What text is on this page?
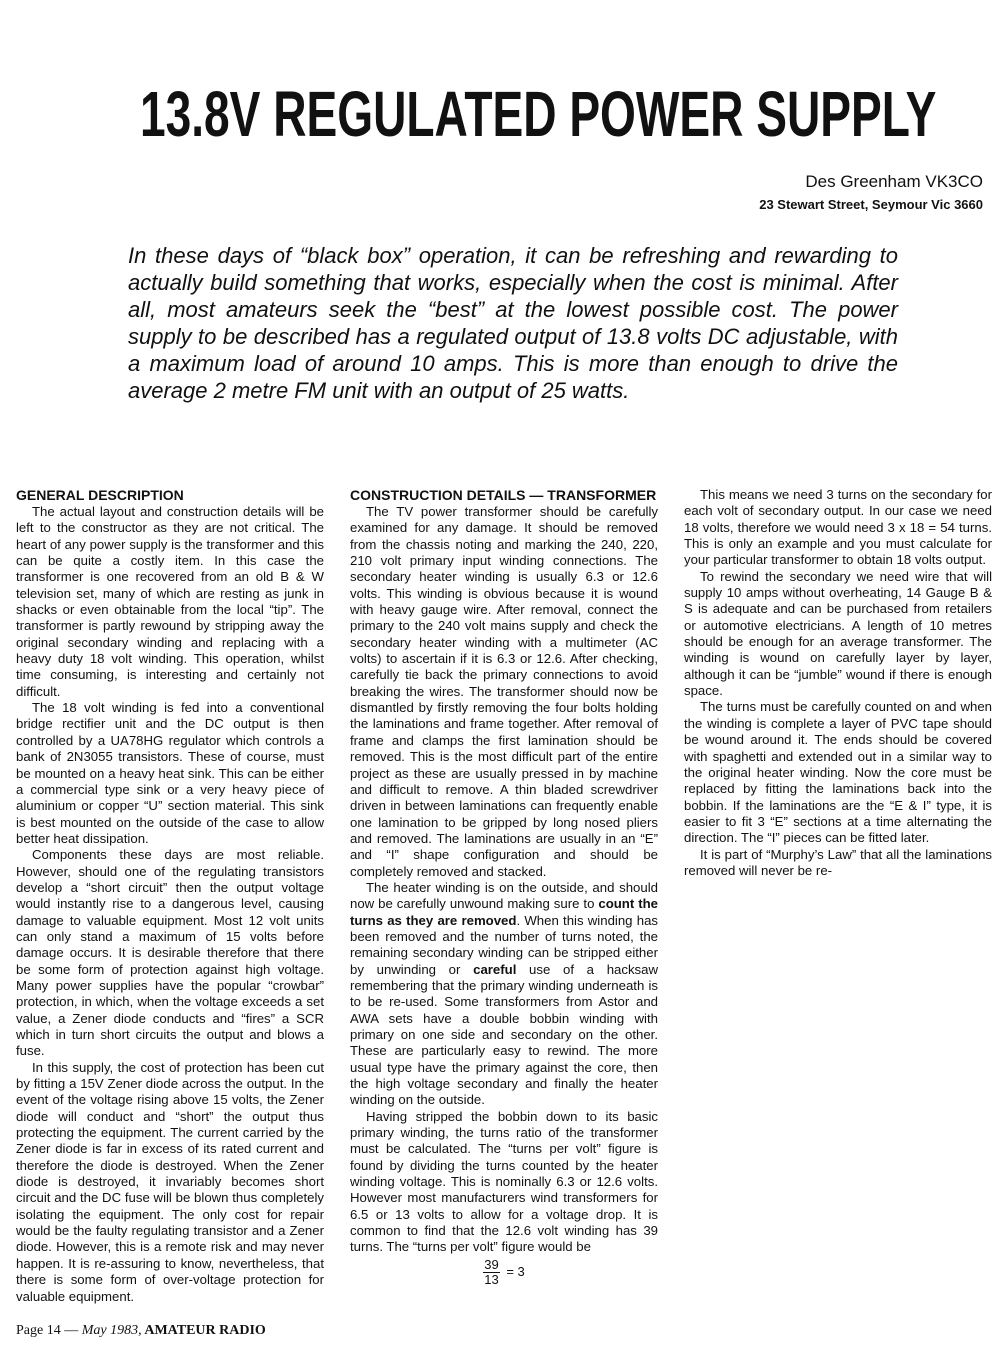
13.8V REGULATED POWER SUPPLY

Des Greenham VK3CO

23 Stewart Street, Seymour Vic 3660

In these days of “black box” operation, it can be refreshing and rewarding to actually build something that works, especially when the cost is minimal. After all, most amateurs seek the “best” at the lowest possible cost. The power supply to be described has a regulated output of 13.8 volts DC adjustable, with a maximum load of around 10 amps. This is more than enough to drive the average 2 metre FM unit with an output of 25 watts.

GENERAL DESCRIPTION

The actual layout and construction details will be left to the constructor as they are not critical. The heart of any power supply is the transformer and this can be quite a costly item. In this case the transformer is one recovered from an old B & W television set, many of which are resting as junk in shacks or even obtainable from the local “tip”. The transformer is partly rewound by stripping away the original secondary winding and replacing with a heavy duty 18 volt winding. This operation, whilst time consuming, is interesting and certainly not difficult.

The 18 volt winding is fed into a conventional bridge rectifier unit and the DC output is then controlled by a UA78HG regulator which controls a bank of 2N3055 transistors. These of course, must be mounted on a heavy heat sink. This can be either a commercial type sink or a very heavy piece of aluminium or copper “U” section material. This sink is best mounted on the outside of the case to allow better heat dissipation.

Components these days are most reliable. However, should one of the regulating transistors develop a “short circuit” then the output voltage would instantly rise to a dangerous level, causing damage to valuable equipment. Most 12 volt units can only stand a maximum of 15 volts before damage occurs. It is desirable therefore that there be some form of protection against high voltage. Many power supplies have the popular “crowbar” protection, in which, when the voltage exceeds a set value, a Zener diode conducts and “fires” a SCR which in turn short circuits the output and blows a fuse.

In this supply, the cost of protection has been cut by fitting a 15V Zener diode across the output. In the event of the voltage rising above 15 volts, the Zener diode will conduct and “short” the output thus protecting the equipment. The current carried by the Zener diode is far in excess of its rated current and therefore the diode is destroyed. When the Zener diode is destroyed, it invariably becomes short circuit and the DC fuse will be blown thus completely isolating the equipment. The only cost for repair would be the faulty regulating transistor and a Zener diode. However, this is a remote risk and may never happen. It is re-assuring to know, nevertheless, that there is some form of over-voltage protection for valuable equipment.

CONSTRUCTION DETAILS — TRANSFORMER

The TV power transformer should be carefully examined for any damage. It should be removed from the chassis noting and marking the 240, 220, 210 volt primary input winding connections. The secondary heater winding is usually 6.3 or 12.6 volts. This winding is obvious because it is wound with heavy gauge wire. After removal, connect the primary to the 240 volt mains supply and check the secondary heater winding with a multimeter (AC volts) to ascertain if it is 6.3 or 12.6. After checking, carefully tie back the primary connections to avoid breaking the wires. The transformer should now be dismantled by firstly removing the four bolts holding the laminations and frame together. After removal of frame and clamps the first lamination should be removed. This is the most difficult part of the entire project as these are usually pressed in by machine and difficult to remove. A thin bladed screwdriver driven in between laminations can frequently enable one lamination to be gripped by long nosed pliers and removed. The laminations are usually in an “E” and “I” shape configuration and should be completely removed and stacked.

The heater winding is on the outside, and should now be carefully unwound making sure to count the turns as they are removed. When this winding has been removed and the number of turns noted, the remaining secondary winding can be stripped either by unwinding or careful use of a hacksaw remembering that the primary winding underneath is to be re-used. Some transformers from Astor and AWA sets have a double bobbin winding with primary on one side and secondary on the other. These are particularly easy to rewind. The more usual type have the primary against the core, then the high voltage secondary and finally the heater winding on the outside.

Having stripped the bobbin down to its basic primary winding, the turns ratio of the transformer must be calculated. The “turns per volt” figure is found by dividing the turns counted by the heater winding voltage. This is nominally 6.3 or 12.6 volts. However most manufacturers wind transformers for 6.5 or 13 volts to allow for a voltage drop. It is common to find that the 12.6 volt winding has 39 turns. The “turns per volt” figure would be

$\frac{39}{13} = 3$

This means we need 3 turns on the secondary for each volt of secondary output. In our case we need 18 volts, therefore we would need 3 x 18 = 54 turns. This is only an example and you must calculate for your particular transformer to obtain 18 volts output.

To rewind the secondary we need wire that will supply 10 amps without overheating, 14 Gauge B & S is adequate and can be purchased from retailers or automotive electricians. A length of 10 metres should be enough for an average transformer. The winding is wound on carefully layer by layer, although it can be “jumble” wound if there is enough space.

The turns must be carefully counted on and when the winding is complete a layer of PVC tape should be wound around it. The ends should be covered with spaghetti and extended out in a similar way to the original heater winding. Now the core must be replaced by fitting the laminations back into the bobbin. If the laminations are the “E & I” type, it is easier to fit 3 “E” sections at a time alternating the direction. The “I” pieces can be fitted later.

It is part of “Murphy’s Law” that all the laminations removed will never be re-

Page 14 — May 1983, AMATEUR RADIO
